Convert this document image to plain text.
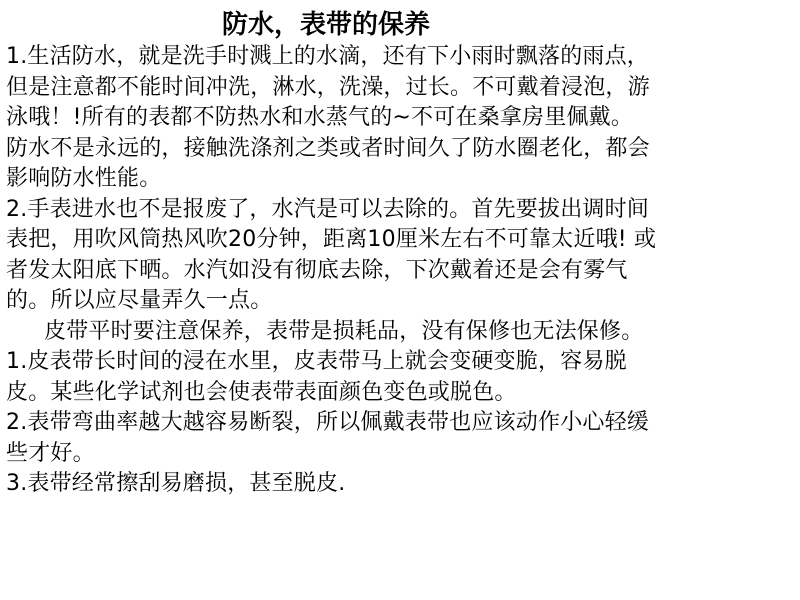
防水，表带的保养

1.生活防水，就是洗手时溅上的水滴，还有下小雨时飘落的雨点，
但是注意都不能时间冲洗，淋水，洗澡，过长。不可戴着浸泡，游
泳哦！!所有的表都不防热水和水蒸气的~不可在桑拿房里佩戴。

防水不是永远的，接触洗涤剂之类或者时间久了防水圈老化，都会
影响防水性能。

2.手表进水也不是报废了，水汽是可以去除的。首先要拔出调时间
表把，用吹风筒热风吹20分钟，距离10厘米左右不可靠太近哦! 或
者发太阳底下晒。水汽如没有彻底去除，下次戴着还是会有雾气
的。所以应尽量弄久一点。

皮带平时要注意保养，表带是损耗品，没有保修也无法保修。

1.皮表带长时间的浸在水里，皮表带马上就会变硬变脆，容易脱
皮。某些化学试剂也会使表带表面颜色变色或脱色。

2.表带弯曲率越大越容易断裂，所以佩戴表带也应该动作小心轻缓
些才好。

3.表带经常擦刮易磨损，甚至脱皮.
